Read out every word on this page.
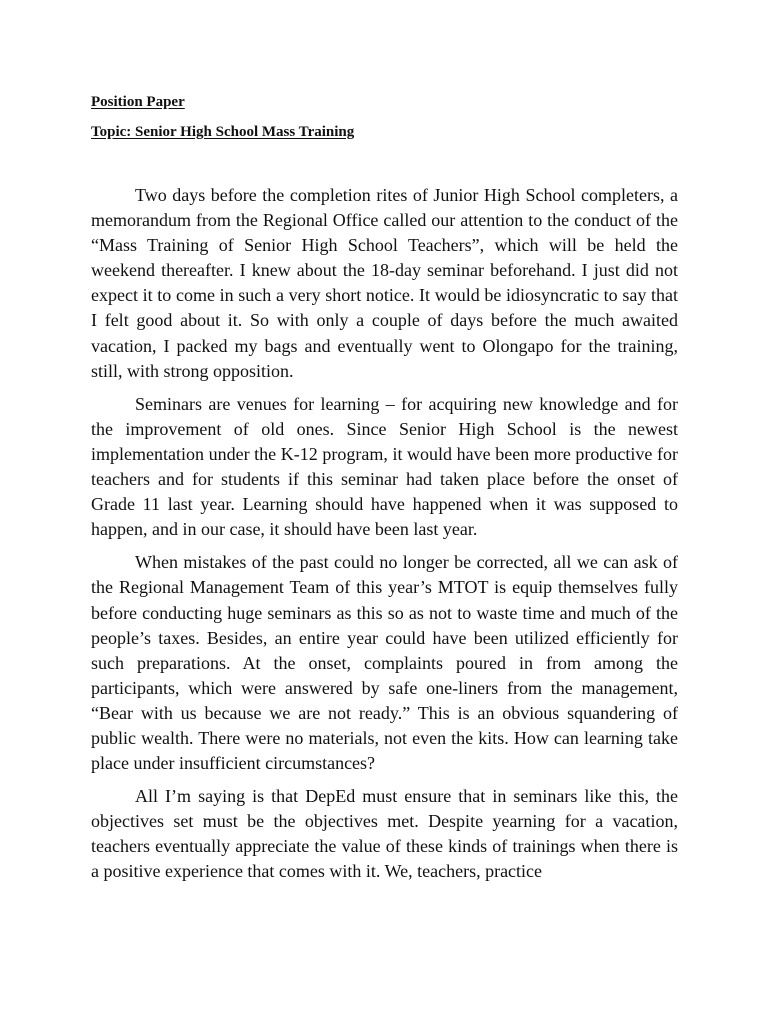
Position Paper
Topic: Senior High School Mass Training

Two days before the completion rites of Junior High School completers, a memorandum from the Regional Office called our attention to the conduct of the “Mass Training of Senior High School Teachers”, which will be held the weekend thereafter. I knew about the 18-day seminar beforehand. I just did not expect it to come in such a very short notice. It would be idiosyncratic to say that I felt good about it. So with only a couple of days before the much awaited vacation, I packed my bags and eventually went to Olongapo for the training, still, with strong opposition.

Seminars are venues for learning – for acquiring new knowledge and for the improvement of old ones. Since Senior High School is the newest implementation under the K-12 program, it would have been more productive for teachers and for students if this seminar had taken place before the onset of Grade 11 last year. Learning should have happened when it was supposed to happen, and in our case, it should have been last year.

When mistakes of the past could no longer be corrected, all we can ask of the Regional Management Team of this year’s MTOT is equip themselves fully before conducting huge seminars as this so as not to waste time and much of the people’s taxes. Besides, an entire year could have been utilized efficiently for such preparations. At the onset, complaints poured in from among the participants, which were answered by safe one-liners from the management, “Bear with us because we are not ready.” This is an obvious squandering of public wealth. There were no materials, not even the kits. How can learning take place under insufficient circumstances?

All I’m saying is that DepEd must ensure that in seminars like this, the objectives set must be the objectives met. Despite yearning for a vacation, teachers eventually appreciate the value of these kinds of trainings when there is a positive experience that comes with it. We, teachers, practice
